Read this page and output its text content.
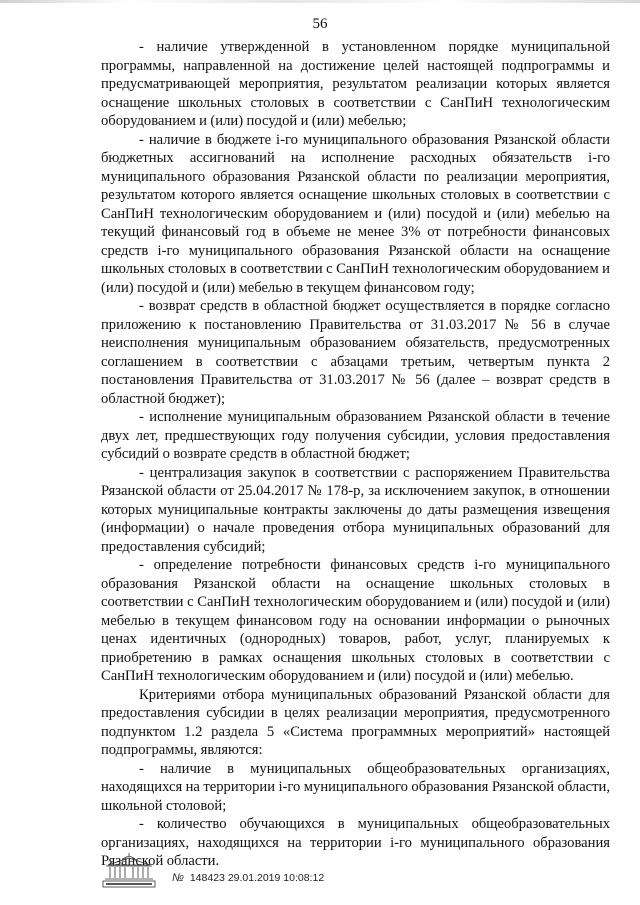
56

- наличие утвержденной в установленном порядке муниципальной программы, направленной на достижение целей настоящей подпрограммы и предусматривающей мероприятия, результатом реализации которых является оснащение школьных столовых в соответствии с СанПиН технологическим оборудованием и (или) посудой и (или) мебелью;

- наличие в бюджете i-го муниципального образования Рязанской области бюджетных ассигнований на исполнение расходных обязательств i-го муниципального образования Рязанской области по реализации мероприятия, результатом которого является оснащение школьных столовых в соответствии с СанПиН технологическим оборудованием и (или) посудой и (или) мебелью на текущий финансовый год в объеме не менее 3% от потребности финансовых средств i-го муниципального образования Рязанской области на оснащение школьных столовых в соответствии с СанПиН технологическим оборудованием и (или) посудой и (или) мебелью в текущем финансовом году;

- возврат средств в областной бюджет осуществляется в порядке согласно приложению к постановлению Правительства от 31.03.2017 № 56 в случае неисполнения муниципальным образованием обязательств, предусмотренных соглашением в соответствии с абзацами третьим, четвертым пункта 2 постановления Правительства от 31.03.2017 № 56 (далее – возврат средств в областной бюджет);

- исполнение муниципальным образованием Рязанской области в течение двух лет, предшествующих году получения субсидии, условия предоставления субсидий о возврате средств в областной бюджет;

- централизация закупок в соответствии с распоряжением Правительства Рязанской области от 25.04.2017 № 178-р, за исключением закупок, в отношении которых муниципальные контракты заключены до даты размещения извещения (информации) о начале проведения отбора муниципальных образований для предоставления субсидий;

- определение потребности финансовых средств i-го муниципального образования Рязанской области на оснащение школьных столовых в соответствии с СанПиН технологическим оборудованием и (или) посудой и (или) мебелью в текущем финансовом году на основании информации о рыночных ценах идентичных (однородных) товаров, работ, услуг, планируемых к приобретению в рамках оснащения школьных столовых в соответствии с СанПиН технологическим оборудованием и (или) посудой и (или) мебелью.

Критериями отбора муниципальных образований Рязанской области для предоставления субсидии в целях реализации мероприятия, предусмотренного подпунктом 1.2 раздела 5 «Система программных мероприятий» настоящей подпрограммы, являются:

- наличие в муниципальных общеобразовательных организациях, находящихся на территории i-го муниципального образования Рязанской области, школьной столовой;

- количество обучающихся в муниципальных общеобразовательных организациях, находящихся на территории i-го муниципального образования Рязанской области.

№ 148423 29.01.2019 10:08:12
